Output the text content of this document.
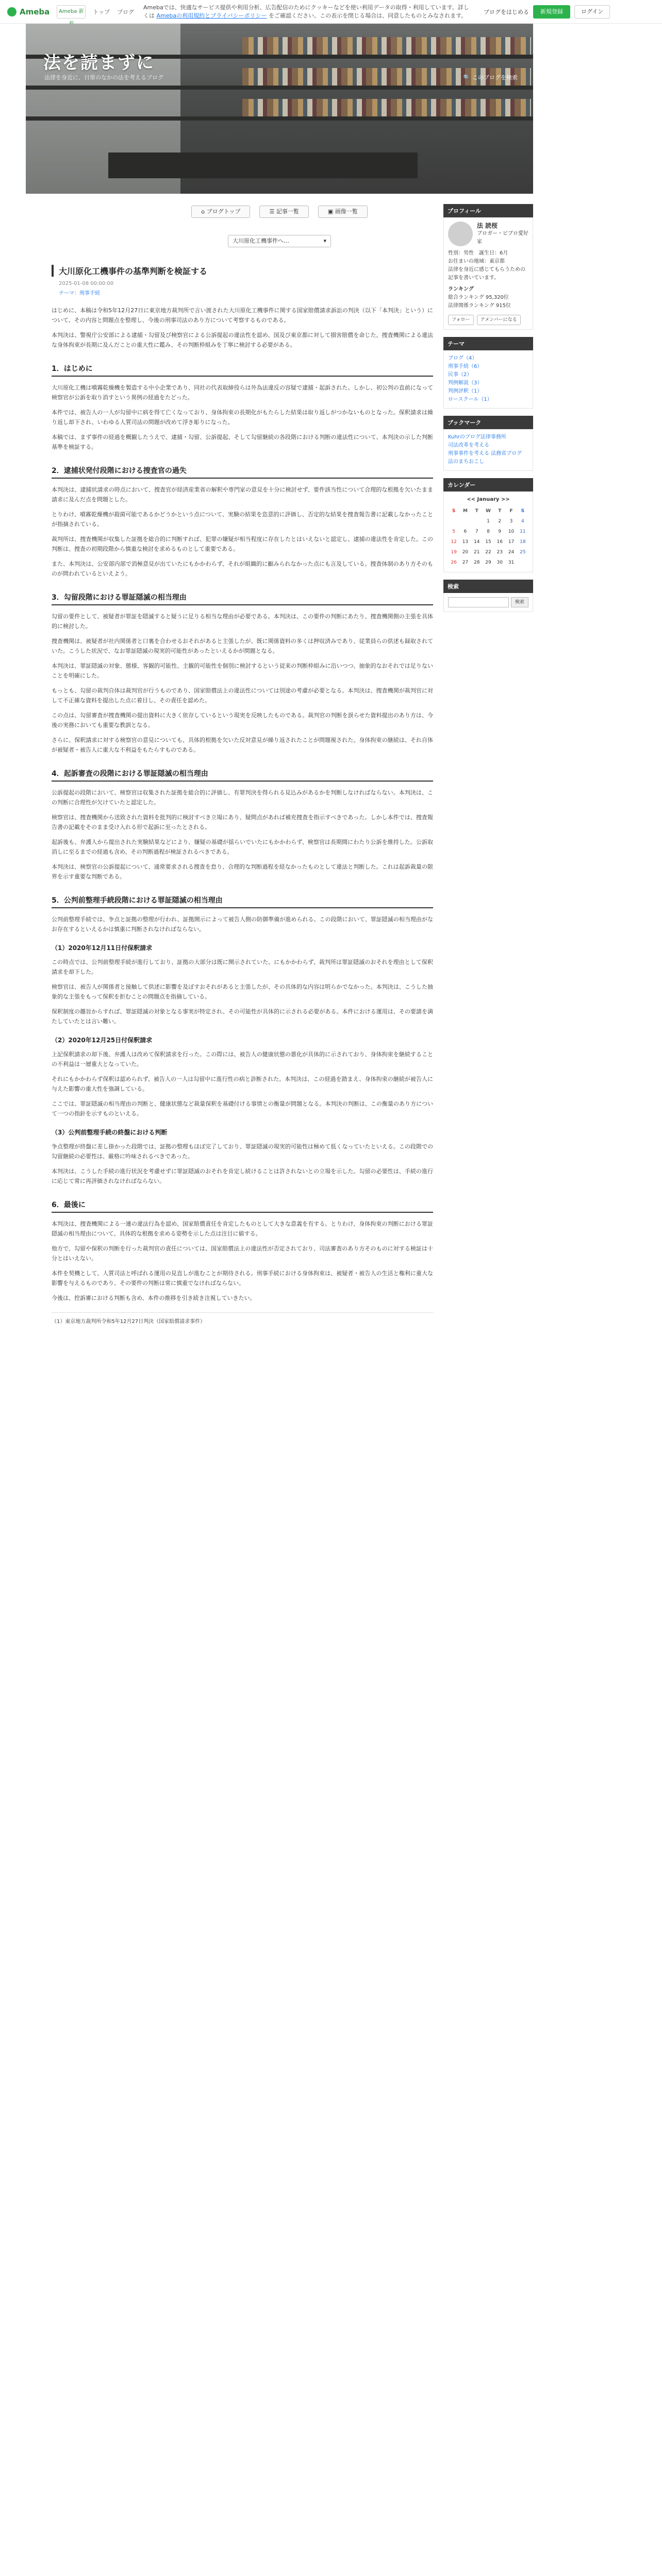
Ameba	Ameba 新	トップ ブログ
Amebaでは、快適なサービス提供や利用分析、広告配信のためにクッキーなどを使い利用データの取得・利用しています。詳しくは Amebaの利用規約とプライバシーポリシー をご確認ください。この表示を閉じる場合は、同意したものとみなされます。
ブログをはじめる	新規登録	ログイン
法を読まずに
法律を身近に、日常のなかの法を考えるブログ	🔍 このブログを検索
⌂ ブログトップ	☰ 記事一覧	▣ 画像一覧
大川原化工機事件へ…	▾
大川原化工機事件の基準判断を検証する
2025-01-08 00:00:00
テーマ：刑事手続

はじめに、本稿は令和5年12月27日に東京地方裁判所で言い渡された大川原化工機事件に関する国家賠償請求訴訟の判決（以下「本判決」という）について、その内容と問題点を整理し、今後の刑事司法のあり方について考察するものである。

本判決は、警視庁公安部による逮捕・勾留及び検察官による公訴提起の違法性を認め、国及び東京都に対して損害賠償を命じた。捜査機関による違法な身体拘束が長期に及んだことの重大性に鑑み、その判断枠組みを丁寧に検討する必要がある。

1．はじめに

大川原化工機は噴霧乾燥機を製造する中小企業であり、同社の代表取締役らは外為法違反の容疑で逮捕・起訴された。しかし、初公判の直前になって検察官が公訴を取り消すという異例の経過をたどった。

本件では、被告人の一人が勾留中に病を得て亡くなっており、身体拘束の長期化がもたらした結果は取り返しがつかないものとなった。保釈請求は繰り返し却下され、いわゆる人質司法の問題が改めて浮き彫りになった。

本稿では、まず事件の経過を概観したうえで、逮捕・勾留、公訴提起、そして勾留継続の各段階における判断の違法性について、本判決の示した判断基準を検証する。

2．逮捕状発付段階における捜査官の過失

本判決は、逮捕状請求の時点において、捜査官が経済産業省の解釈や専門家の意見を十分に検討せず、要件該当性について合理的な根拠を欠いたまま請求に及んだ点を問題とした。

とりわけ、噴霧乾燥機が殺菌可能であるかどうかという点について、実験の結果を恣意的に評価し、否定的な結果を捜査報告書に記載しなかったことが指摘されている。

裁判所は、捜査機関が収集した証拠を総合的に判断すれば、犯罪の嫌疑が相当程度に存在したとはいえないと認定し、逮捕の違法性を肯定した。この判断は、捜査の初期段階から慎重な検討を求めるものとして重要である。

また、本判決は、公安部内部で消極意見が出ていたにもかかわらず、それが組織的に顧みられなかった点にも言及している。捜査体制のあり方そのものが問われているといえよう。

3．勾留段階における罪証隠滅の相当理由

勾留の要件として、被疑者が罪証を隠滅すると疑うに足りる相当な理由が必要である。本判決は、この要件の判断にあたり、捜査機関側の主張を具体的に検討した。

捜査機関は、被疑者が社内関係者と口裏を合わせるおそれがあると主張したが、既に関係資料の多くは押収済みであり、従業員らの供述も録取されていた。こうした状況で、なお罪証隠滅の現実的可能性があったといえるかが問題となる。

本判決は、罪証隠滅の対象、態様、客観的可能性、主観的可能性を個別に検討するという従来の判断枠組みに沿いつつ、抽象的なおそれでは足りないことを明確にした。

もっとも、勾留の裁判自体は裁判官が行うものであり、国家賠償法上の違法性については別途の考慮が必要となる。本判決は、捜査機関が裁判官に対して不正確な資料を提出した点に着目し、その責任を認めた。

この点は、勾留審査が捜査機関の提出資料に大きく依存しているという現実を反映したものである。裁判官の判断を誤らせた資料提出のあり方は、今後の実務においても重要な教訓となる。

さらに、保釈請求に対する検察官の意見についても、具体的根拠を欠いた反対意見が繰り返されたことが問題視された。身体拘束の継続は、それ自体が被疑者・被告人に重大な不利益をもたらすものである。

4．起訴審査の段階における罪証隠滅の相当理由

公訴提起の段階において、検察官は収集された証拠を総合的に評価し、有罪判決を得られる見込みがあるかを判断しなければならない。本判決は、この判断に合理性が欠けていたと認定した。

検察官は、捜査機関から送致された資料を批判的に検討すべき立場にあり、疑問点があれば補充捜査を指示すべきであった。しかし本件では、捜査報告書の記載をそのまま受け入れる形で起訴に至ったとされる。

起訴後も、弁護人から提出された実験結果などにより、嫌疑の基礎が揺らいでいたにもかかわらず、検察官は長期間にわたり公訴を維持した。公訴取消しに至るまでの経過も含め、その判断過程が検証されるべきである。

本判決は、検察官の公訴提起について、通常要求される捜査を怠り、合理的な判断過程を経なかったものとして違法と判断した。これは起訴裁量の限界を示す重要な判断である。

5．公判前整理手続段階における罪証隠滅の相当理由

公判前整理手続では、争点と証拠の整理が行われ、証拠開示によって被告人側の防御準備が進められる。この段階において、罪証隠滅の相当理由がなお存在するといえるかは慎重に判断されなければならない。

（1）2020年12月11日付保釈請求

この時点では、公判前整理手続が進行しており、証拠の大部分は既に開示されていた。にもかかわらず、裁判所は罪証隠滅のおそれを理由として保釈請求を却下した。

検察官は、被告人が関係者と接触して供述に影響を及ぼすおそれがあると主張したが、その具体的な内容は明らかでなかった。本判決は、こうした抽象的な主張をもって保釈を拒むことの問題点を指摘している。

保釈制度の趣旨からすれば、罪証隠滅の対象となる事実が特定され、その可能性が具体的に示される必要がある。本件における運用は、その要請を満たしていたとは言い難い。

（2）2020年12月25日付保釈請求

上記保釈請求の却下後、弁護人は改めて保釈請求を行った。この際には、被告人の健康状態の悪化が具体的に示されており、身体拘束を継続することの不利益は一層重大となっていた。

それにもかかわらず保釈は認められず、被告人の一人は勾留中に進行性の病と診断された。本判決は、この経過を踏まえ、身体拘束の継続が被告人に与えた影響の重大性を強調している。

ここでは、罪証隠滅の相当理由の判断と、健康状態など裁量保釈を基礎付ける事情との衡量が問題となる。本判決の判断は、この衡量のあり方について一つの指針を示すものといえる。

（3）公判前整理手続の終盤における判断

争点整理が終盤に差し掛かった段階では、証拠の整理もほぼ完了しており、罪証隠滅の現実的可能性は極めて低くなっていたといえる。この段階での勾留継続の必要性は、厳格に吟味されるべきであった。

本判決は、こうした手続の進行状況を考慮せずに罪証隠滅のおそれを肯定し続けることは許されないとの立場を示した。勾留の必要性は、手続の進行に応じて常に再評価されなければならない。

6．最後に

本判決は、捜査機関による一連の違法行為を認め、国家賠償責任を肯定したものとして大きな意義を有する。とりわけ、身体拘束の判断における罪証隠滅の相当理由について、具体的な根拠を求める姿勢を示した点は注目に値する。

他方で、勾留や保釈の判断を行った裁判官の責任については、国家賠償法上の違法性が否定されており、司法審査のあり方そのものに対する検証は十分とはいえない。

本件を契機として、人質司法と呼ばれる運用の見直しが進むことが期待される。刑事手続における身体拘束は、被疑者・被告人の生活と権利に重大な影響を与えるものであり、その要件の判断は常に慎重でなければならない。

今後は、控訴審における判断も含め、本件の推移を引き続き注視していきたい。

（1）東京地方裁判所令和5年12月27日判決（国家賠償請求事件）
プロフィール
法 読桜
ブロガー・ビブロ愛好家
性別：男性　誕生日：6月
お住まいの地域：東京都
法律を身近に感じてもらうための記事を書いています。
ランキング
総合ランキング 95,320位
法律関係ランキング 915位
フォロー アメンバーになる
テーマ
ブログ（4）
刑事手続（6）
民事（2）
判例解説（3）
判例評釈（1）
ロースクール（1）
ブックマーク
Kuhrのブログ法律事務所
司法改革を考える
刑事事件を考える 法務省ブログ
法のまちおこし
カレンダー
<< January >>
S	M	T	W	T	F	S
			1	2	3	4
5	6	7	8	9	10	11
12	13	14	15	16	17	18
19	20	21	22	23	24	25
26	27	28	29	30	31	
検索
検索
